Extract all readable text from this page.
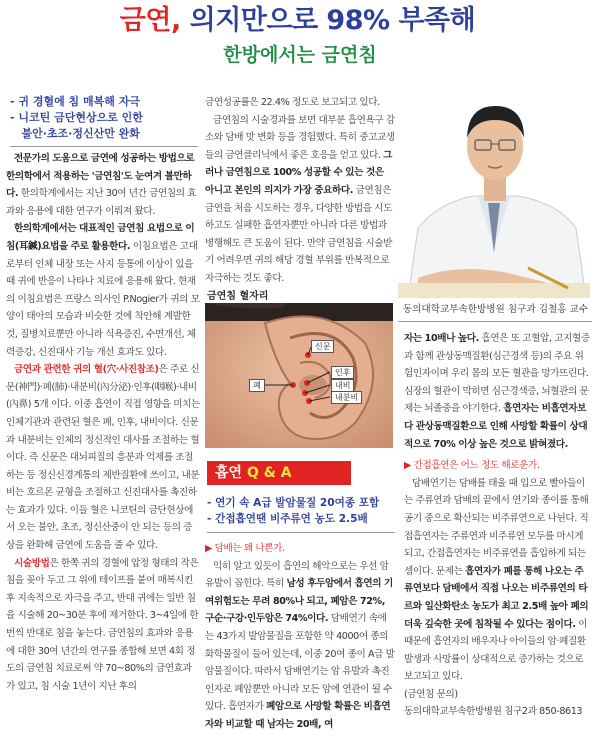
금연, 의지만으로 98% 부족해
한방에서는 금연침
- 귀 경혈에 침 매복해 자극
- 니코틴 금단현상으로 인한
불안·초조·정신산만 완화

전문가의 도움으로 금연에 성공하는 방법으로 한의학에서 적용하는 '금연침'도 눈여겨 볼만하다. 한의학계에서는 지난 30여 년간 금연침의 효과와 응용에 대한 연구가 이뤄져 왔다.

한의학계에서는 대표적인 금연침 요법으로 이침(耳鍼)요법을 주로 활용한다. 이침요법은 고대로부터 인체 내장 또는 사지 등통에 이상이 있을 때 귀에 반응이 나타나 치료에 응용해 왔다. 현재의 이침요법은 프랑스 의사인 P.Nogier가 귀의 모양이 태아의 모습과 비슷한 것에 착안해 계발한 것, 질병치료뿐만 아니라 식욕증진, 수면개선, 체력증강, 신진대사 기능 개선 효과도 있다.

금연과 관련한 귀의 혈(穴·사진참조)은 주로 신문(神門)·폐(肺)·내분비(內分泌)·인후(咽喉)·내비(內鼻) 5개 이다. 이중 흡연이 직접 영향을 미치는 인체기관과 관련된 혈은 폐, 인후, 내비이다. 신문과 내분비는 인체의 정신적인 대사를 조절하는 혈이다. 즉 신문은 대뇌피질의 흥분과 억제를 조절하는 등 정신신경계통의 제반질환에 쓰이고, 내분비는 호르몬 균형을 조절하고 신진대사를 촉진하는 효과가 있다. 이들 혈은 니코틴의 금단현상에서 오는 불안, 초조, 정신산중이 안 되는 등의 증상을 완화해 금연에 도움을 줄 수 있다.

시술방법은 한쪽 귀의 경혈에 압정 형태의 작은 침을 꽂아 두고 그 위에 테이프를 붙여 매복시킨 후 지속적으로 자극을 주고, 반대 귀에는 일반 침을 시술해 20~30분 후에 제거한다. 3~4일에 한 번씩 반대로 침을 놓는다. 금연침의 효과와 응용에 대한 30여 년간의 연구를 종합해 보면 4회 정도의 금연침 치료로써 약 70~80%의 금연효과가 있고, 침 시술 1년이 지난 후의

금연성공률은 22.4% 정도로 보고되고 있다.

금연침의 시술경과를 보면 대부분 흡연욕구 감소와 담배 맛 변화 등을 경험했다. 특히 중고교생들의 금연클리닉에서 좋은 호응을 얻고 있다. 그러나 금연침으로 100% 성공할 수 있는 것은 아니고 본인의 의지가 가장 중요하다. 금연침은 금연을 처음 시도하는 경우, 다양한 방법을 시도하고도 실패한 흡연자뿐만 아니라 다른 방법과 병행해도 큰 도움이 된다. 만약 금연침을 시술받기 어려우면 귀의 해당 경혈 부위를 반복적으로 자극하는 것도 좋다.

금연침 혈자리
신문
인후
폐	내비
내분비
흡연 Q & A
- 연기 속 A급 발암물질 20여종 포함
- 간접흡연땐 비주류연 농도 2.5배

▶ 담배는 왜 나쁜가.

익히 알고 있듯이 흡연의 해악으로는 우선 암 유발이 꼽힌다. 특히 남성 후두암에서 흡연의 기여위험도는 무려 80%나 되고, 폐암은 72%, 구순·구강·인두암은 74%이다. 담배연기 속에는 43가지 발암물질을 포함한 약 4000여 종의 화학물질이 들어 있는데, 이중 20여 종이 A급 발암물질이다. 따라서 담배연기는 암 유발과 촉진 인자로 폐암뿐만 아니라 모든 암에 연관이 될 수 있다. 흡연자가 폐암으로 사망할 확률은 비흡연자와 비교할 때 남자는 20배, 여

동의대학교부속한방병원 침구과 김철홍 교수

자는 10배나 높다. 흡연은 또 고혈압, 고지혈증과 함께 관상동맥질환(심근경색 등)의 주요 위험인자이며 우리 몸의 모든 혈관을 망가뜨린다. 심장의 혈관이 막히면 심근경색증, 뇌혈관의 문제는 뇌졸중을 야기한다. 흡연자는 비흡연자보다 관상동맥질환으로 인해 사망할 확률이 상대적으로 70% 이상 높은 것으로 밝혀졌다.

▶ 간접흡연은 어느 정도 해로운가.

담배연기는 담배를 태울 때 입으로 빨아들이는 주류연과 담배의 끝에서 연기와 종이를 통해 공기 중으로 확산되는 비주류연으로 나뉜다. 직접흡연자는 주류연과 비주류연 모두를 마시게 되고, 간접흡연자는 비주류연을 흡입하게 되는 셈이다. 문제는 흡연자가 폐를 통해 나오는 주류연보다 담배에서 직접 나오는 비주류연의 타르와 일산화탄소 농도가 최고 2.5배 높아 폐의 더욱 깊숙한 곳에 침착될 수 있다는 점이다. 이 때문에 흡연자의 배우자나 아이들의 암·폐질환 발생과 사망률이 상대적으로 증가하는 것으로 보고되고 있다.

(금연침 문의)

동의대학교부속한방병원 침구2과 850-8613
